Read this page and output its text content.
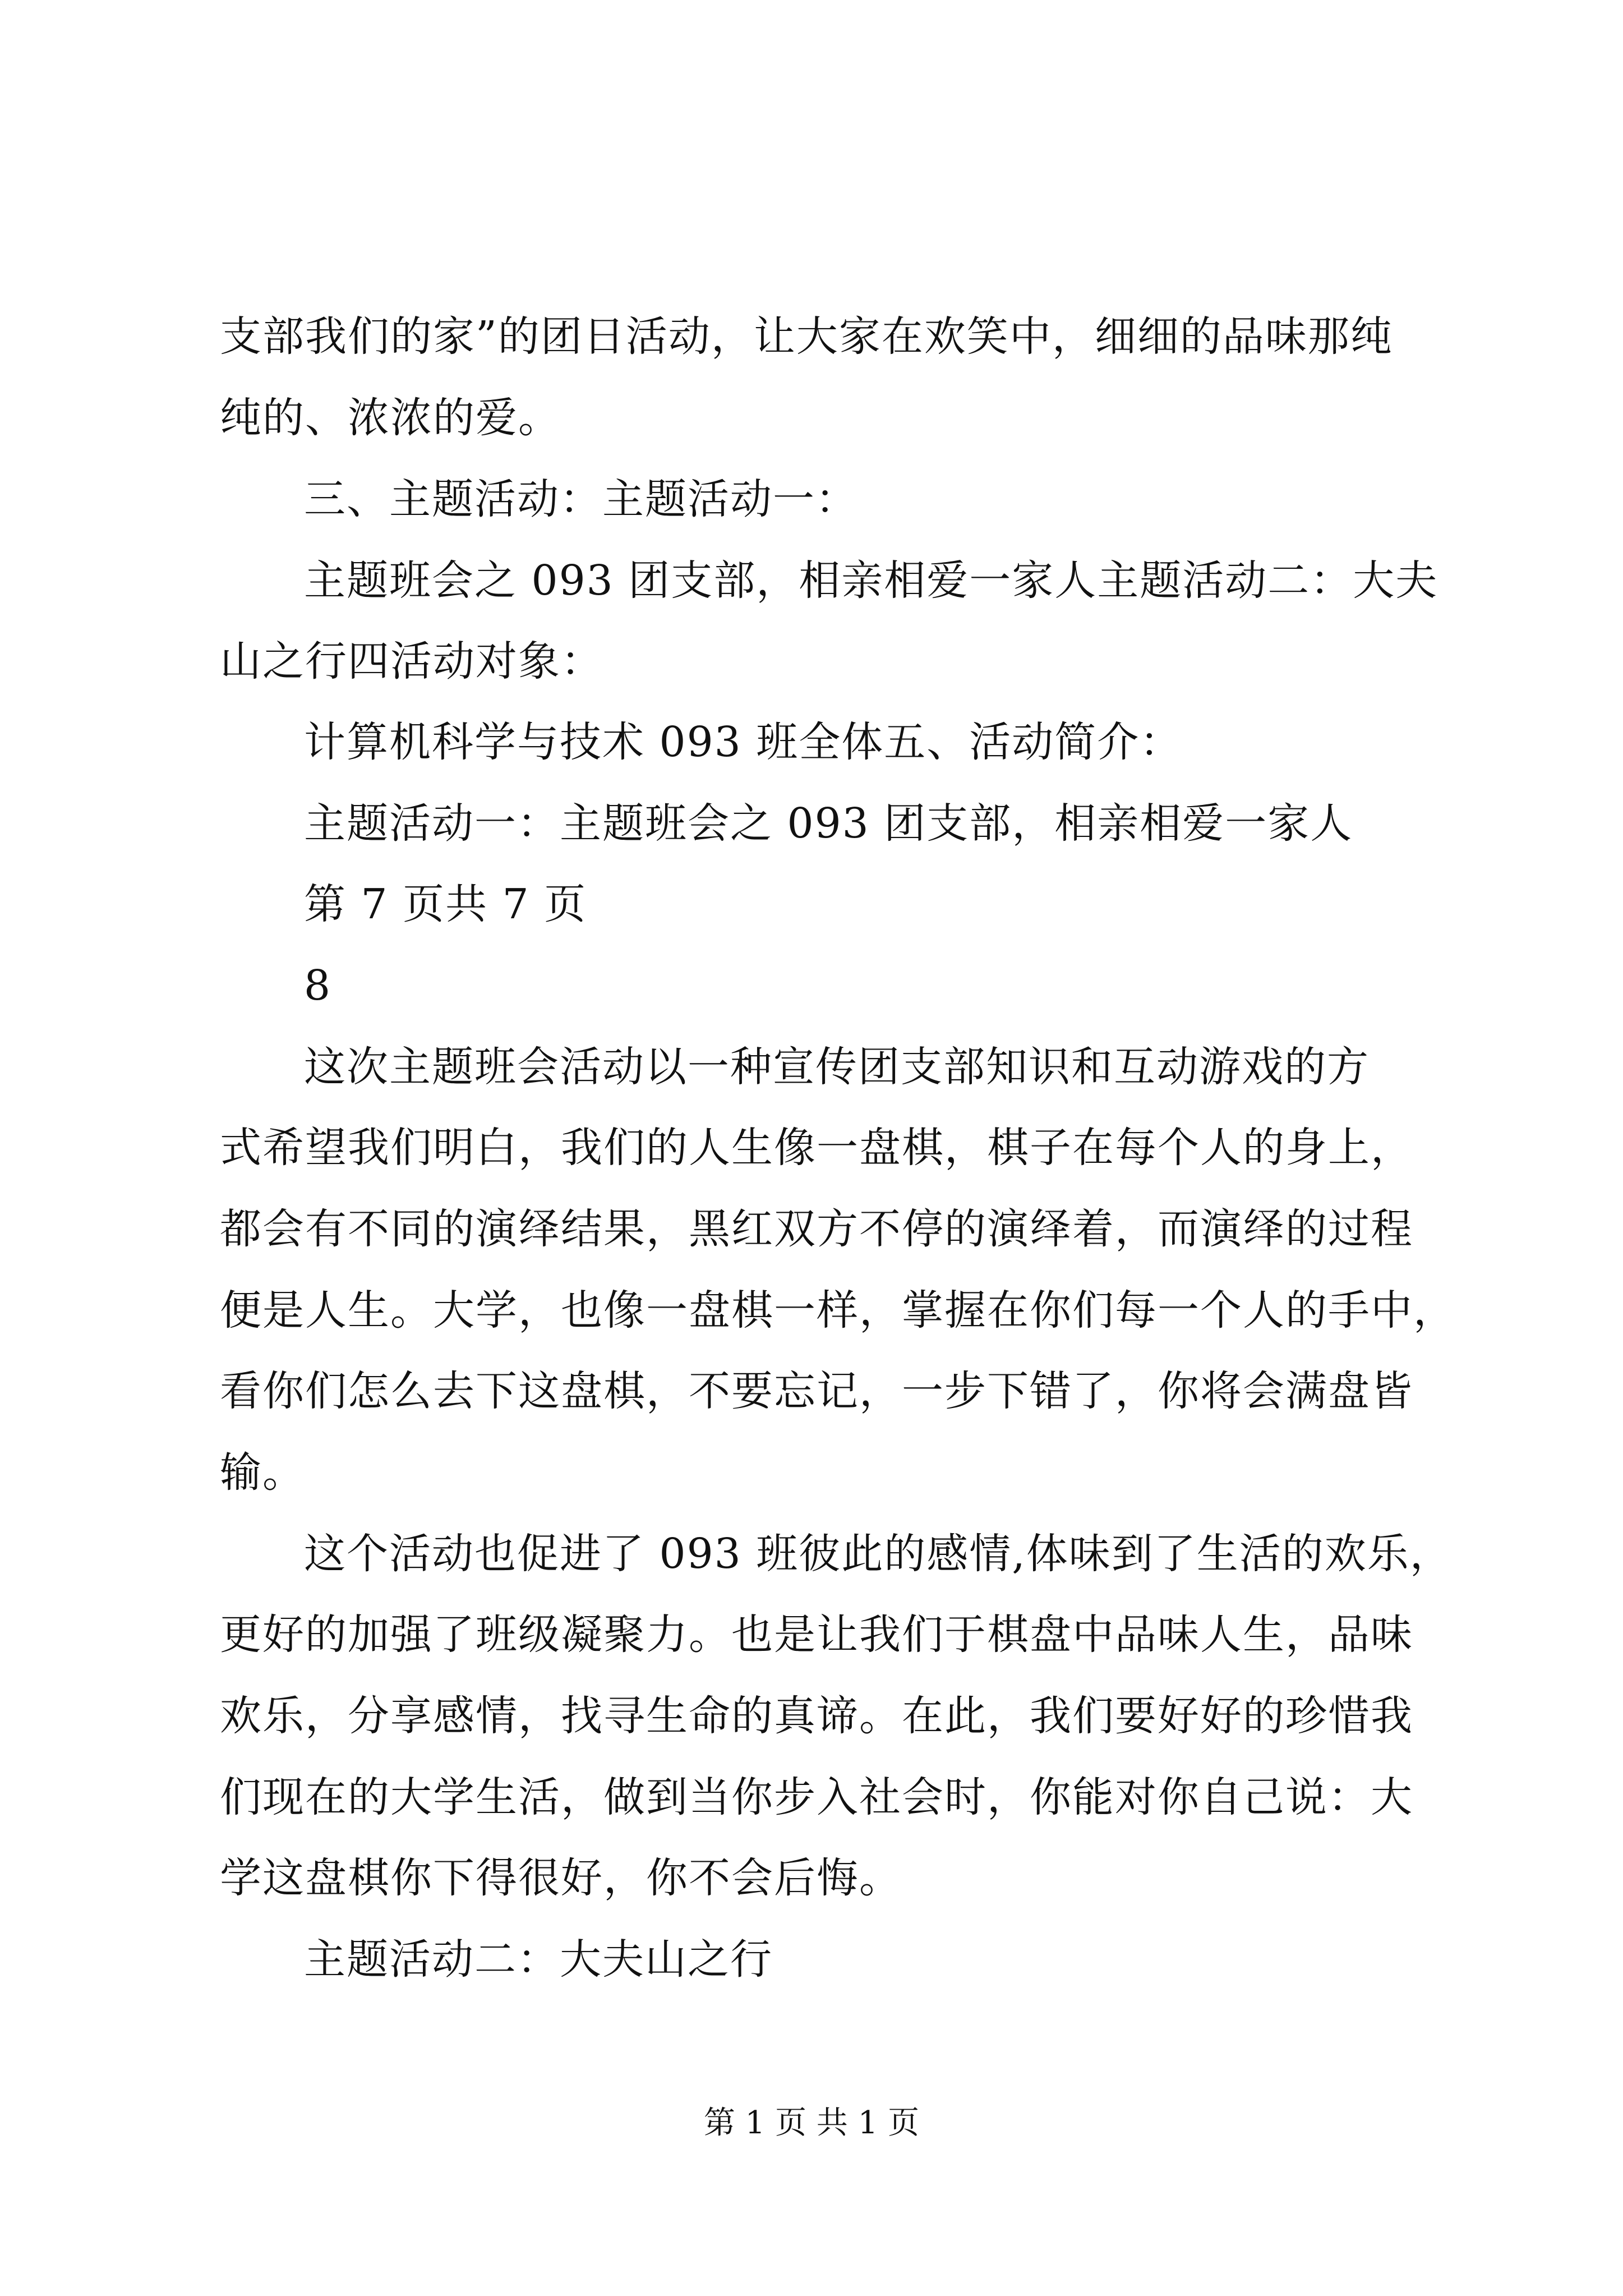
支部我们的家”的团日活动，让大家在欢笑中，细细的品味那纯
纯的、浓浓的爱。
三、主题活动：主题活动一：
主题班会之 093 团支部，相亲相爱一家人主题活动二：大夫
山之行四活动对象：
计算机科学与技术 093 班全体五、活动简介：
主题活动一：主题班会之 093 团支部，相亲相爱一家人
第 7 页共 7 页
8
这次主题班会活动以一种宣传团支部知识和互动游戏的方
式希望我们明白，我们的人生像一盘棋，棋子在每个人的身上，
都会有不同的演绎结果，黑红双方不停的演绎着，而演绎的过程
便是人生。大学，也像一盘棋一样，掌握在你们每一个人的手中，
看你们怎么去下这盘棋，不要忘记，一步下错了，你将会满盘皆
输。
这个活动也促进了 093 班彼此的感情,体味到了生活的欢乐，
更好的加强了班级凝聚力。也是让我们于棋盘中品味人生，品味
欢乐，分享感情，找寻生命的真谛。在此，我们要好好的珍惜我
们现在的大学生活，做到当你步入社会时，你能对你自己说：大
学这盘棋你下得很好，你不会后悔。
主题活动二：大夫山之行
第 1 页 共 1 页
